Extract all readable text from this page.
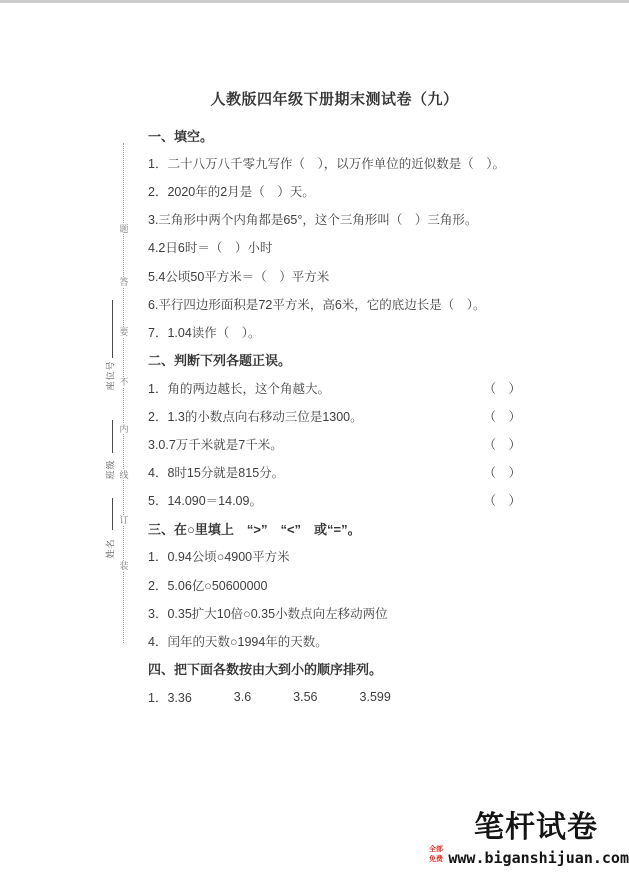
题
答
要
不
内
线
订
装
座位号
班级
姓名
人教版四年级下册期末测试卷（九）
一、填空。
1．二十八万八千零九写作（　），以万作单位的近似数是（　）。
2．2020年的2月是（　）天。
3.三角形中两个内角都是65°，这个三角形叫（　）三角形。
4.2日6时＝（　）小时
5.4公顷50平方米＝（　）平方米
6.平行四边形面积是72平方米，高6米，它的底边长是（　）。
7．1.04读作（　）。
二、判断下列各题正误。
1．角的两边越长，这个角越大。	（　）
2．1.3的小数点向右移动三位是1300。	（　）
3.0.7万千米就是7千米。	（　）
4．8时15分就是815分。	（　）
5．14.090＝14.09。	（　）
三、在○里填上　“>”　“<”　或“=”。
1．0.94公顷○4900平方米
2．5.06亿○50600000
3．0.35扩大10倍○0.35小数点向左移动两位
4．闰年的天数○1994年的天数。
四、把下面各数按由大到小的顺序排列。
1．3.36	3.6	3.56	3.599
笔杆试卷
全部免费 www.biganshijuan.com
